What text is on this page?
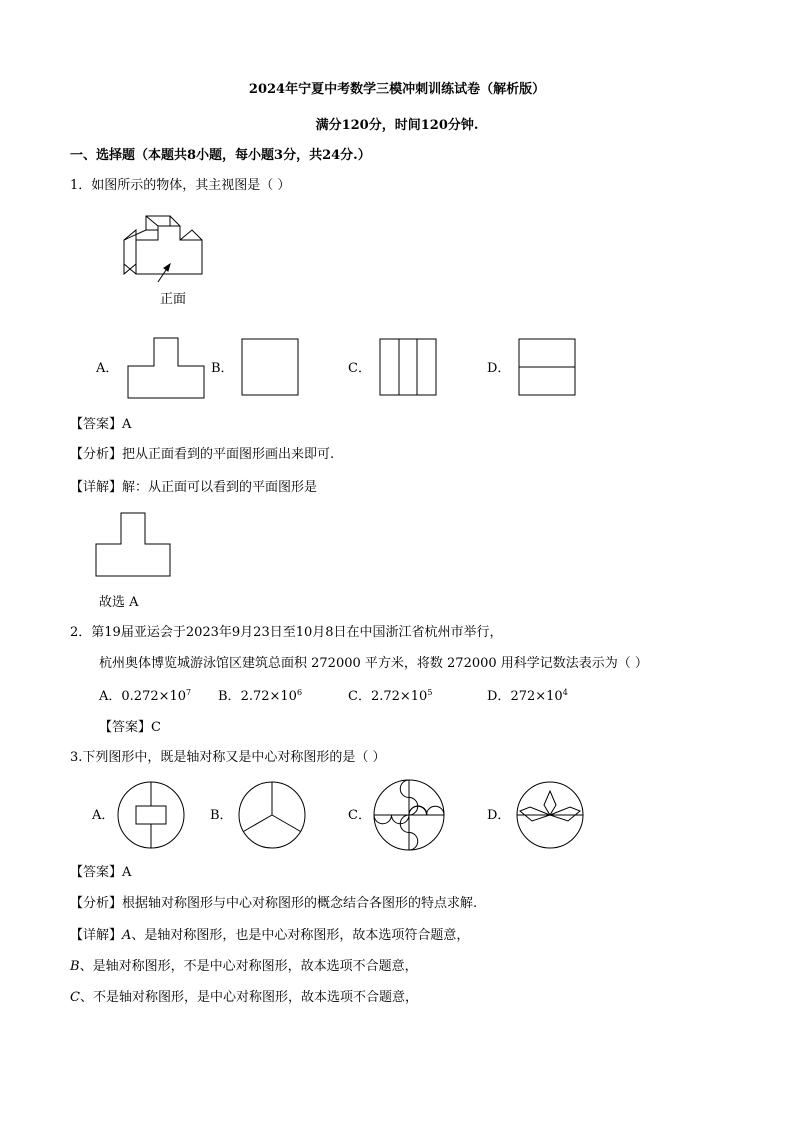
2024年宁夏中考数学三模冲刺训练试卷（解析版）
满分120分，时间120分钟.
一、选择题（本题共8小题，每小题3分，共24分.）
1．如图所示的物体，其主视图是（ ）
正面
A．	B．	C．	D．
【答案】A
【分析】把从正面看到的平面图形画出来即可.
【详解】解：从正面可以看到的平面图形是
故选 A
2．第19届亚运会于2023年9月23日至10月8日在中国浙江省杭州市举行，
杭州奥体博览城游泳馆区建筑总面积 272000 平方米，将数 272000 用科学记数法表示为（ ）
A．$0.272\times 10^7$ B．$2.72\times 10^6$	C．$2.72\times 10^5$	D．$272\times 10^4$
【答案】C
3.下列图形中，既是轴对称又是中心对称图形的是（ ）
A．	B．	C．	D．
【答案】A
【分析】根据轴对称图形与中心对称图形的概念结合各图形的特点求解.
【详解】A、是轴对称图形，也是中心对称图形，故本选项符合题意，
B、是轴对称图形，不是中心对称图形，故本选项不合题意，
C、不是轴对称图形，是中心对称图形，故本选项不合题意，
